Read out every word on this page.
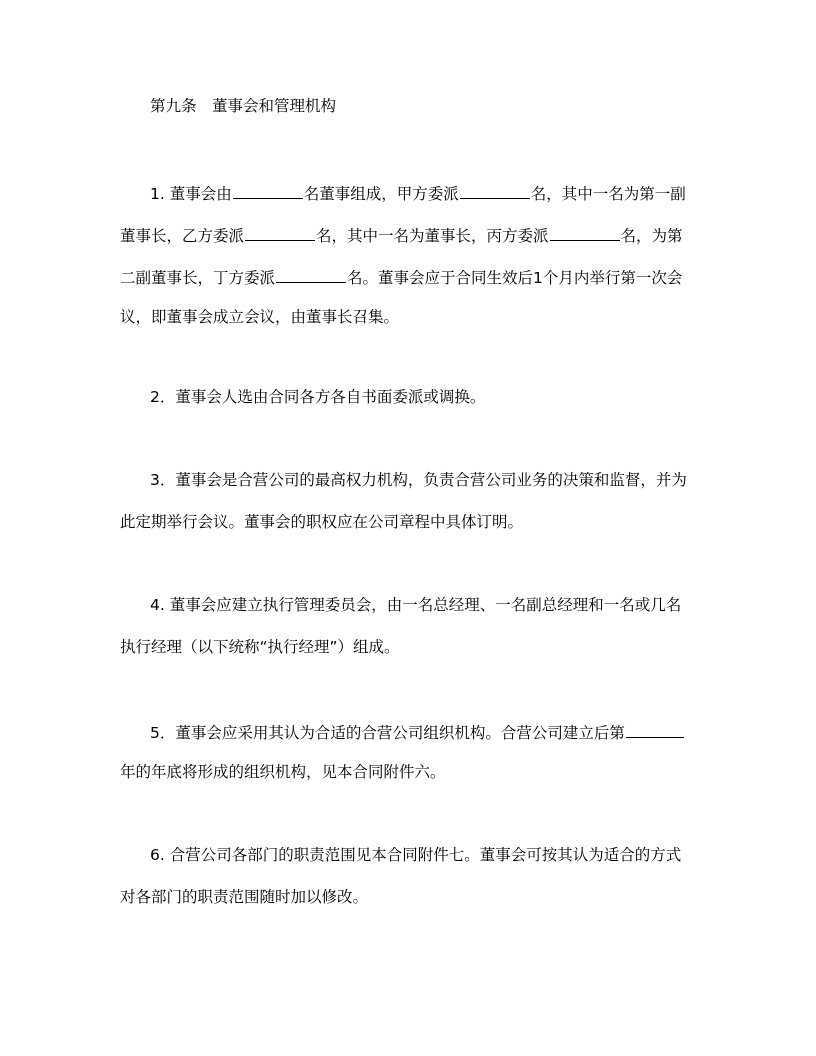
第九条　董事会和管理机构
1. 董事会由	名董事组成，甲方委派	名，其中一名为第一副
董事长，乙方委派	名，其中一名为董事长，丙方委派	名，为第
二副董事长，丁方委派	名。董事会应于合同生效后1个月内举行第一次会
议，即董事会成立会议，由董事长召集。
2．董事会人选由合同各方各自书面委派或调换。
3．董事会是合营公司的最高权力机构，负责合营公司业务的决策和监督，并为
此定期举行会议。董事会的职权应在公司章程中具体订明。
4. 董事会应建立执行管理委员会，由一名总经理、一名副总经理和一名或几名
执行经理（以下统称“执行经理”）组成。
5．董事会应采用其认为合适的合营公司组织机构。合营公司建立后第
年的年底将形成的组织机构，见本合同附件六。
6. 合营公司各部门的职责范围见本合同附件七。董事会可按其认为适合的方式
对各部门的职责范围随时加以修改。
